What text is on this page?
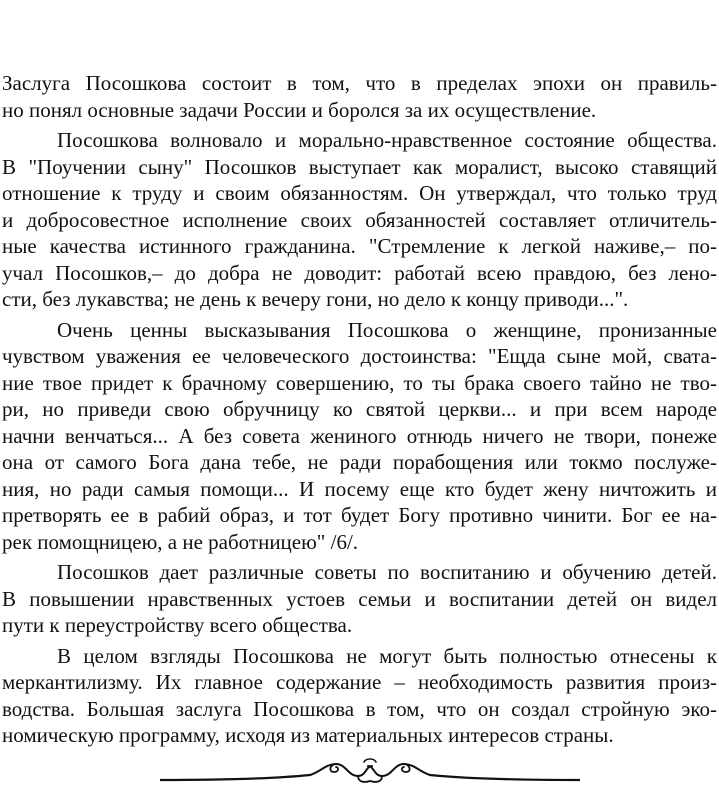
Заслуга Посошкова состоит в том, что в пределах эпохи он правиль-
но понял основные задачи России и боролся за их осуществление.
Посошкова волновало и морально-нравственное состояние общества.
В "Поучении сыну" Посошков выступает как моралист, высоко ставящий
отношение к труду и своим обязанностям. Он утверждал, что только труд
и добросовестное исполнение своих обязанностей составляет отличитель-
ные качества истинного гражданина. "Стремление к легкой наживе,– по-
учал Посошков,– до добра не доводит: работай всею правдою, без лено-
сти, без лукавства; не день к вечеру гони, но дело к концу приводи...".
Очень ценны высказывания Посошкова о женщине, пронизанные
чувством уважения ее человеческого достоинства: "Ещда сыне мой, свата-
ние твое придет к брачному совершению, то ты брака своего тайно не тво-
ри, но приведи свою обручницу ко святой церкви... и при всем народе
начни венчаться... А без совета жениного отнюдь ничего не твори, понеже
она от самого Бога дана тебе, не ради порабощения или токмо послуже-
ния, но ради самыя помощи... И посему еще кто будет жену ничтожить и
претворять ее в рабий образ, и тот будет Богу противно чинити. Бог ее на-
рек помощницею, а не работницею" /6/.
Посошков дает различные советы по воспитанию и обучению детей.
В повышении нравственных устоев семьи и воспитании детей он видел
пути к переустройству всего общества.
В целом взгляды Посошкова не могут быть полностью отнесены к
меркантилизму. Их главное содержание – необходимость развития произ-
водства. Большая заслуга Посошкова в том, что он создал стройную эко-
номическую программу, исходя из материальных интересов страны.
